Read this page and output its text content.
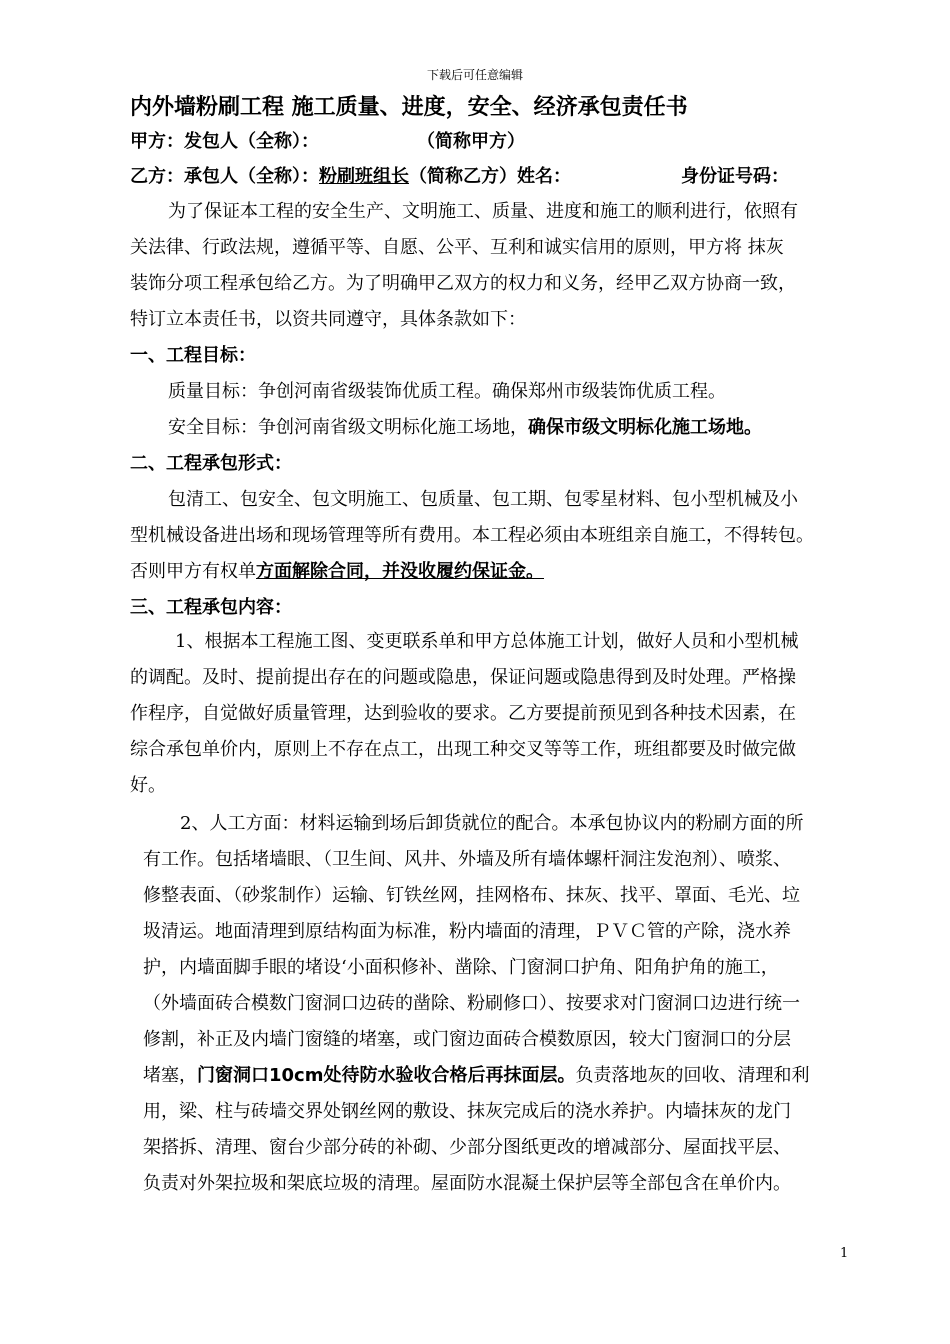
下载后可任意编辑
内外墙粉刷工程 施工质量、进度，安全、经济承包责任书
甲方：发包人（全称）：	（简称甲方）
乙方：承包人（全称）：粉刷班组长（简称乙方）姓名：	身份证号码：
为了保证本工程的安全生产、文明施工、质量、进度和施工的顺利进行，依照有
关法律、行政法规，遵循平等、自愿、公平、互利和诚实信用的原则，甲方将 抹灰
装饰分项工程承包给乙方。为了明确甲乙双方的权力和义务，经甲乙双方协商一致，
特订立本责任书，以资共同遵守，具体条款如下：
一、工程目标：
质量目标：争创河南省级装饰优质工程。确保郑州市级装饰优质工程。
安全目标：争创河南省级文明标化施工场地，确保市级文明标化施工场地。
二、工程承包形式：
包清工、包安全、包文明施工、包质量、包工期、包零星材料、包小型机械及小
型机械设备进出场和现场管理等所有费用。本工程必须由本班组亲自施工，不得转包。
否则甲方有权单方面解除合同，并没收履约保证金。
三、工程承包内容：
1、根据本工程施工图、变更联系单和甲方总体施工计划，做好人员和小型机械
的调配。及时、提前提出存在的问题或隐患，保证问题或隐患得到及时处理。严格操
作程序，自觉做好质量管理，达到验收的要求。乙方要提前预见到各种技术因素，在
综合承包单价内，原则上不存在点工，出现工种交叉等等工作，班组都要及时做完做
好。
2、人工方面：材料运输到场后卸货就位的配合。本承包协议内的粉刷方面的所
有工作。包括堵墙眼、（卫生间、风井、外墙及所有墙体螺杆洞注发泡剂）、喷浆、
修整表面、（砂浆制作）运输、钉铁丝网，挂网格布、抹灰、找平、罩面、毛光、垃
圾清运。地面清理到原结构面为标准，粉内墙面的清理，ＰＶＣ管的产除，浇水养
护，内墙面脚手眼的堵设‘小面积修补、凿除、门窗洞口护角、阳角护角的施工，
（外墙面砖合模数门窗洞口边砖的凿除、粉刷修口）、按要求对门窗洞口边进行统一
修割，补正及内墙门窗缝的堵塞，或门窗边面砖合模数原因，较大门窗洞口的分层
堵塞，门窗洞口10cm处待防水验收合格后再抹面层。负责落地灰的回收、清理和利
用，梁、柱与砖墙交界处钢丝网的敷设、抹灰完成后的浇水养护。内墙抹灰的龙门
架搭拆、清理、窗台少部分砖的补砌、少部分图纸更改的增减部分、屋面找平层、
负责对外架拉圾和架底垃圾的清理。屋面防水混凝土保护层等全部包含在单价内。
1
